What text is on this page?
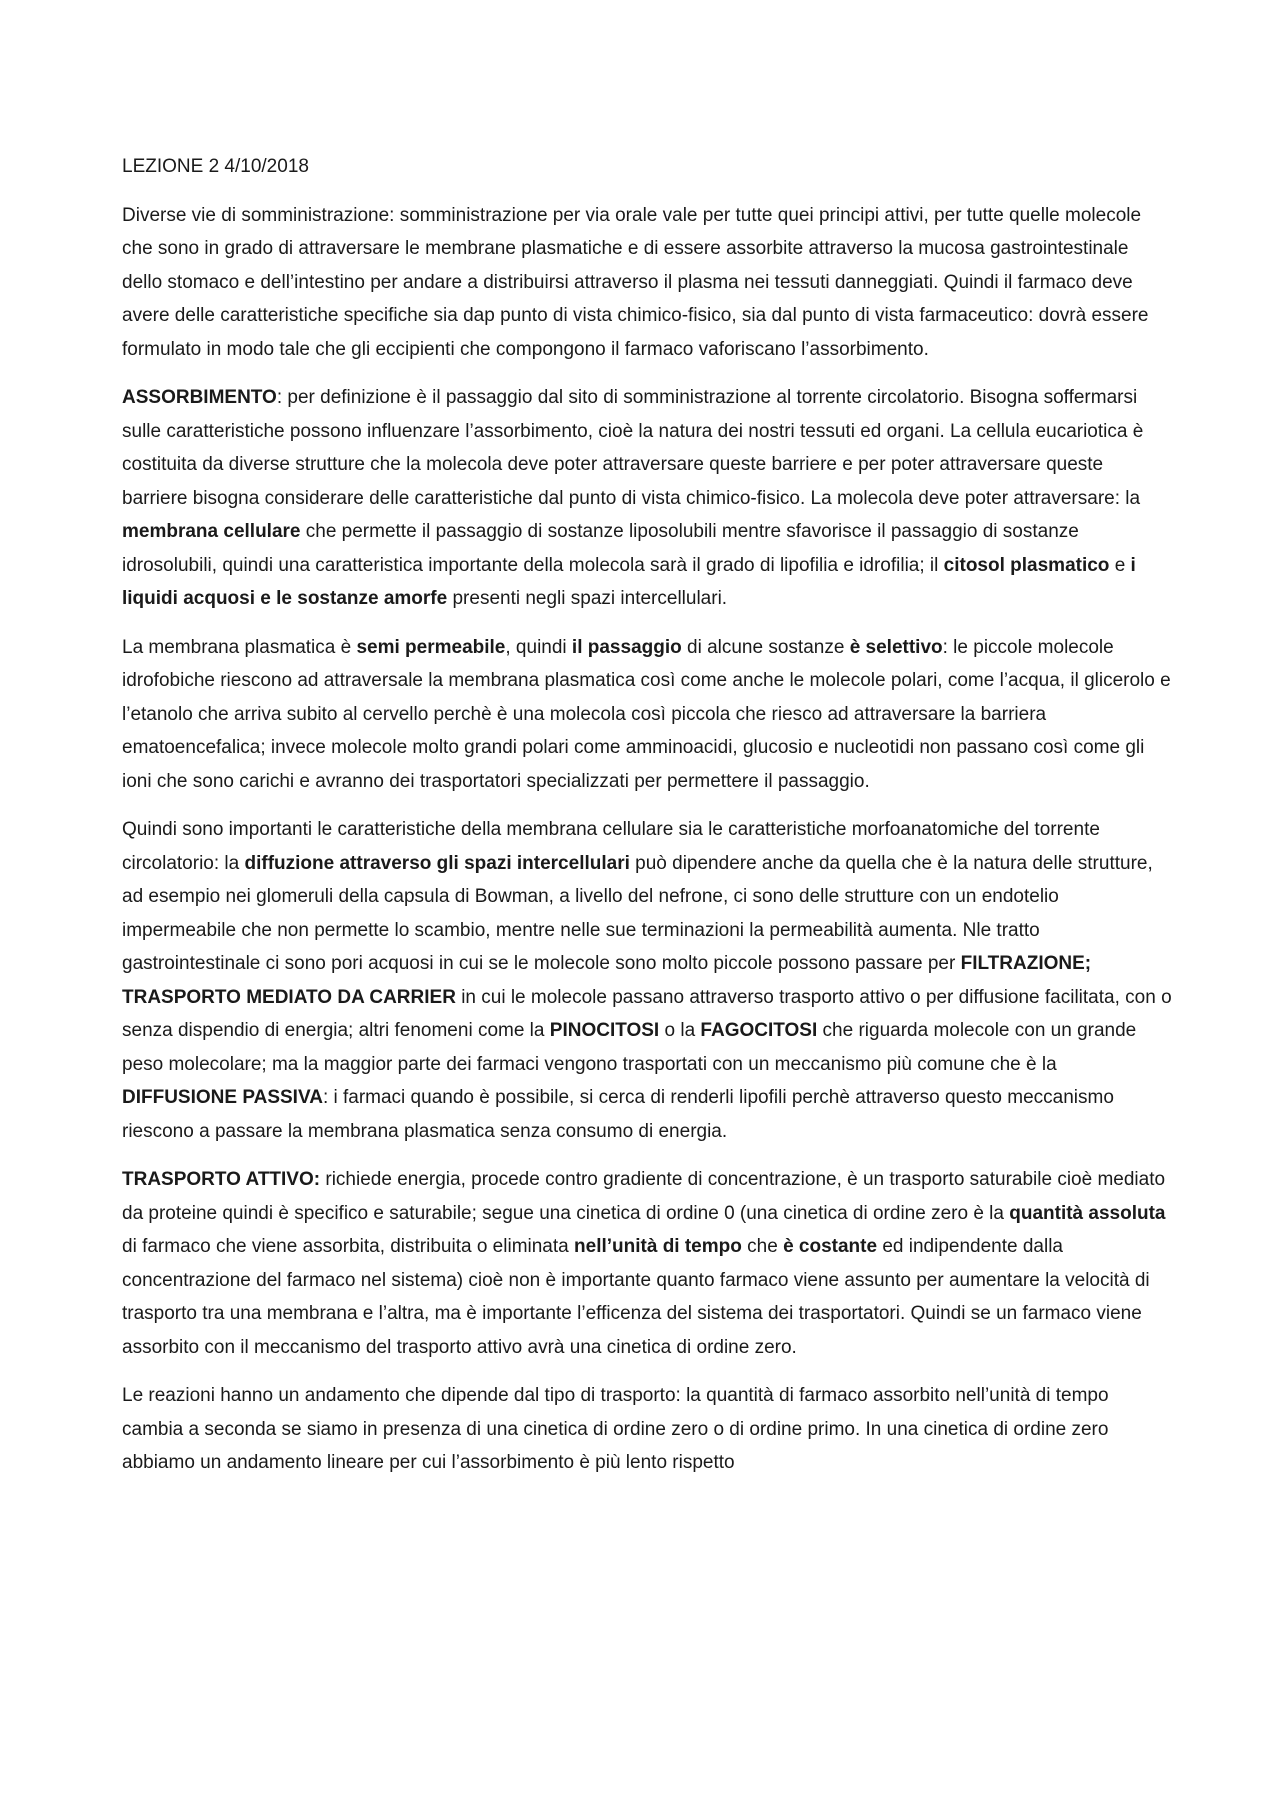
LEZIONE 2 4/10/2018

Diverse vie di somministrazione: somministrazione per via orale vale per tutte quei principi attivi, per tutte quelle molecole che sono in grado di attraversare le membrane plasmatiche e di essere assorbite attraverso la mucosa gastrointestinale dello stomaco e dell’intestino per andare a distribuirsi attraverso il plasma nei tessuti danneggiati. Quindi il farmaco deve avere delle caratteristiche specifiche sia dap punto di vista chimico-fisico, sia dal punto di vista farmaceutico: dovrà essere formulato in modo tale che gli eccipienti che compongono il farmaco vaforiscano l’assorbimento.

ASSORBIMENTO: per definizione è il passaggio dal sito di somministrazione al torrente circolatorio. Bisogna soffermarsi sulle caratteristiche possono influenzare l’assorbimento, cioè la natura dei nostri tessuti ed organi. La cellula eucariotica è costituita da diverse strutture che la molecola deve poter attraversare queste barriere e per poter attraversare queste barriere bisogna considerare delle caratteristiche dal punto di vista chimico-fisico. La molecola deve poter attraversare: la membrana cellulare che permette il passaggio di sostanze liposolubili mentre sfavorisce il passaggio di sostanze idrosolubili, quindi una caratteristica importante della molecola sarà il grado di lipofilia e idrofilia; il citosol plasmatico e i liquidi acquosi e le sostanze amorfe presenti negli spazi intercellulari.

La membrana plasmatica è semi permeabile, quindi il passaggio di alcune sostanze è selettivo: le piccole molecole idrofobiche riescono ad attraversale la membrana plasmatica così come anche le molecole polari, come l’acqua, il glicerolo e l’etanolo che arriva subito al cervello perchè è una molecola così piccola che riesco ad attraversare la barriera ematoencefalica; invece molecole molto grandi polari come amminoacidi, glucosio e nucleotidi non passano così come gli ioni che sono carichi e avranno dei trasportatori specializzati per permettere il passaggio.

Quindi sono importanti le caratteristiche della membrana cellulare sia le caratteristiche morfoanatomiche del torrente circolatorio: la diffuzione attraverso gli spazi intercellulari può dipendere anche da quella che è la natura delle strutture, ad esempio nei glomeruli della capsula di Bowman, a livello del nefrone, ci sono delle strutture con un endotelio impermeabile che non permette lo scambio, mentre nelle sue terminazioni la permeabilità aumenta. Nle tratto gastrointestinale ci sono pori acquosi in cui se le molecole sono molto piccole possono passare per FILTRAZIONE; TRASPORTO MEDIATO DA CARRIER in cui le molecole passano attraverso trasporto attivo o per diffusione facilitata, con o senza dispendio di energia; altri fenomeni come la PINOCITOSI o la FAGOCITOSI che riguarda molecole con un grande peso molecolare; ma la maggior parte dei farmaci vengono trasportati con un meccanismo più comune che è la DIFFUSIONE PASSIVA: i farmaci quando è possibile, si cerca di renderli lipofili perchè attraverso questo meccanismo riescono a passare la membrana plasmatica senza consumo di energia.

TRASPORTO ATTIVO: richiede energia, procede contro gradiente di concentrazione, è un trasporto saturabile cioè mediato da proteine quindi è specifico e saturabile; segue una cinetica di ordine 0 (una cinetica di ordine zero è la quantità assoluta di farmaco che viene assorbita, distribuita o eliminata nell’unità di tempo che è costante ed indipendente dalla concentrazione del farmaco nel sistema) cioè non è importante quanto farmaco viene assunto per aumentare la velocità di trasporto tra una membrana e l’altra, ma è importante l’efficenza del sistema dei trasportatori. Quindi se un farmaco viene assorbito con il meccanismo del trasporto attivo avrà una cinetica di ordine zero.

Le reazioni hanno un andamento che dipende dal tipo di trasporto: la quantità di farmaco assorbito nell’unità di tempo cambia a seconda se siamo in presenza di una cinetica di ordine zero o di ordine primo. In una cinetica di ordine zero abbiamo un andamento lineare per cui l’assorbimento è più lento rispetto
